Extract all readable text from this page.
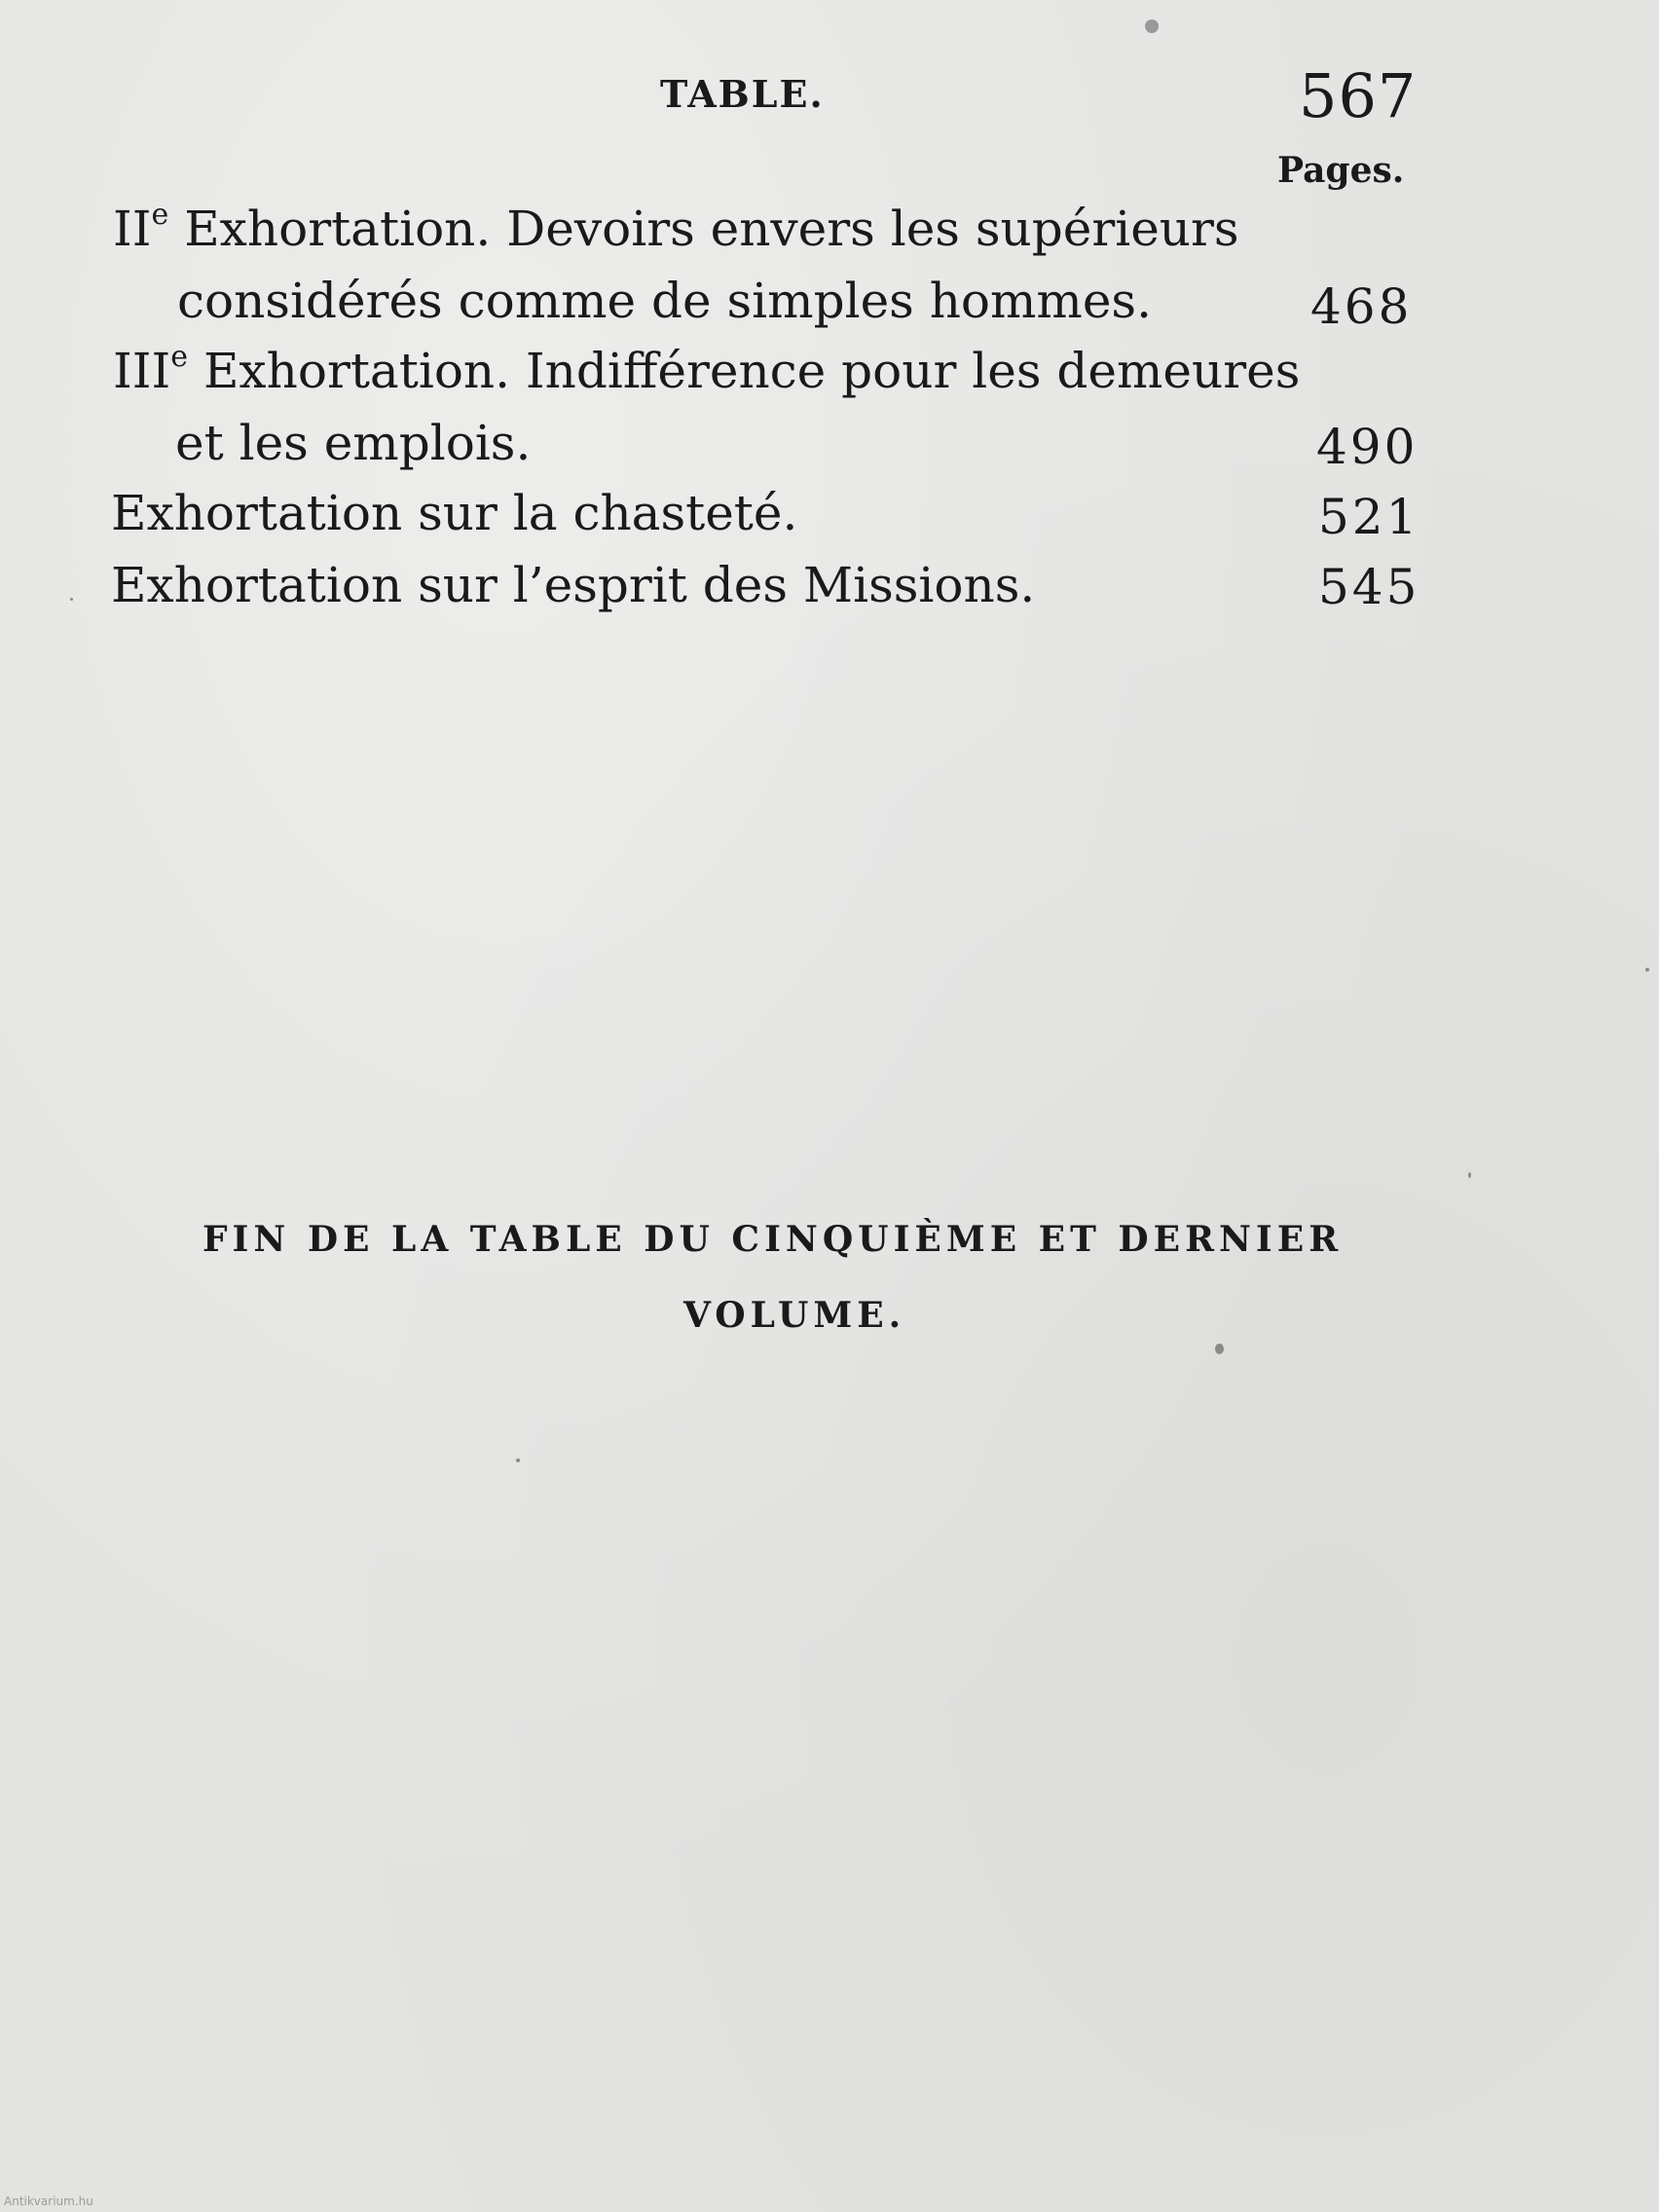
TABLE.	567
Pages.
IIe Exhortation. Devoirs envers les supérieurs
considérés comme de simples hommes.	468
IIIe Exhortation. Indifférence pour les demeures
et les emplois.	490
Exhortation sur la chasteté.	521
Exhortation sur l’esprit des Missions.	545
FIN DE LA TABLE DU CINQUIÈME ET DERNIER
VOLUME.
Antikvarium.hu
